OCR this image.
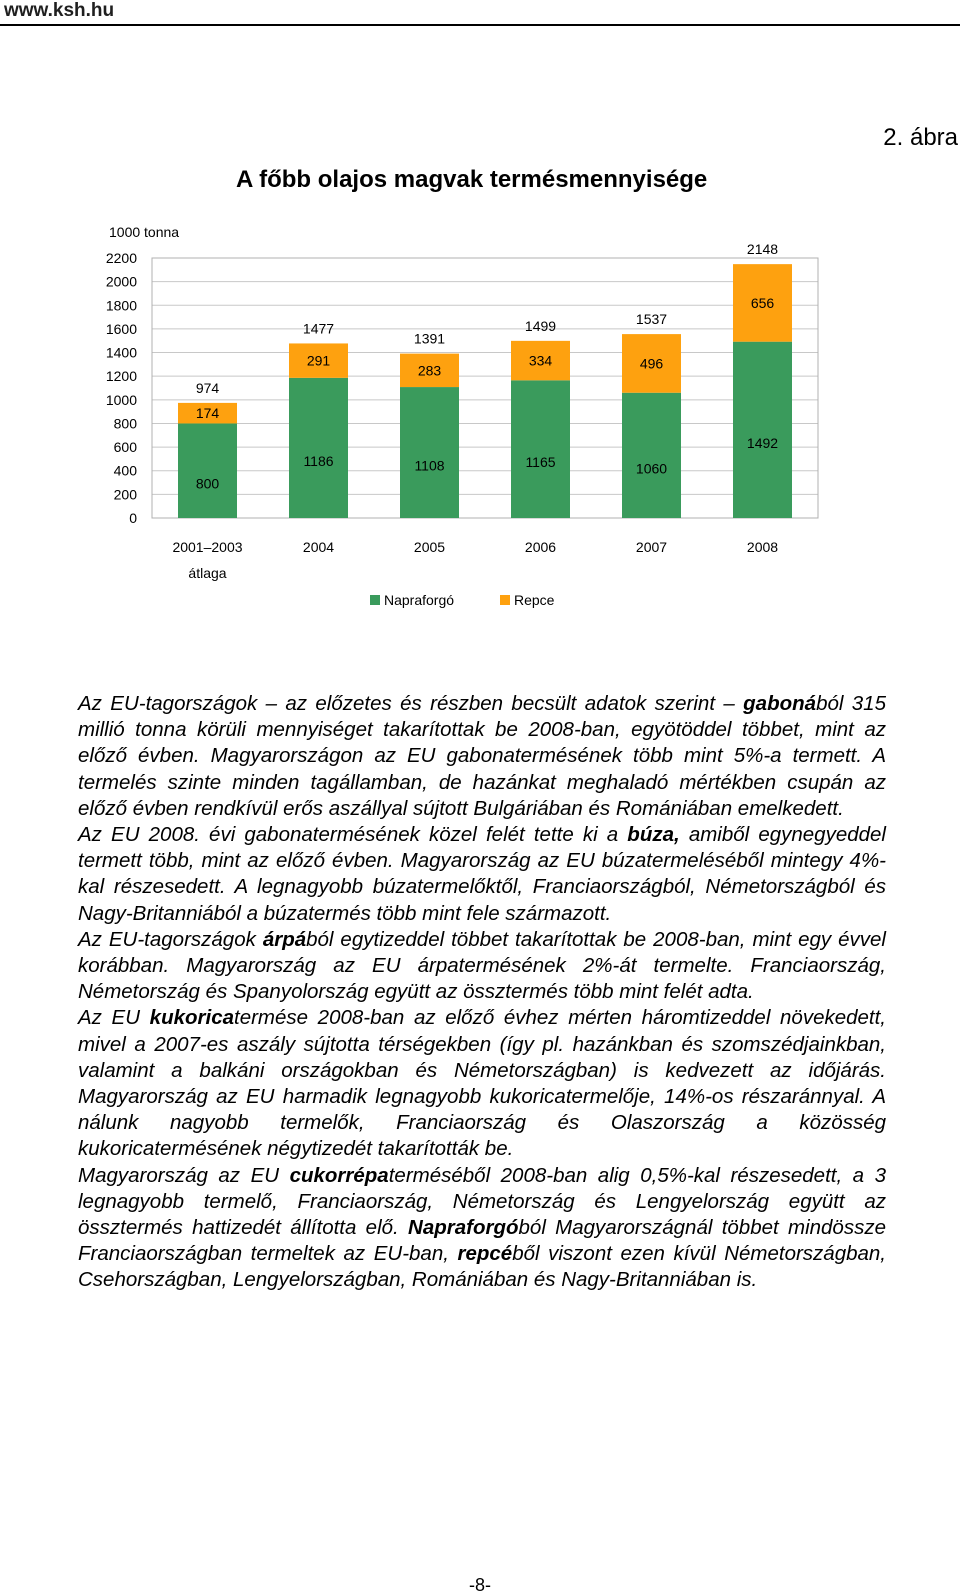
www.ksh.hu
2. ábra
A főbb olajos magvak termésmennyisége
0
200
400
600
800
1000
1200
1400
1600
1800
2000
2200
1000 tonna
800
174
974
2001–2003
átlaga
1186
291
1477
2004
1108
283
1391
2005
1165
334
1499
2006
1060
496
1537
2007
1492
656
2148
2008
Napraforgó	Repce

Az EU-tagországok – az előzetes és részben becsült adatok szerint – gabonából 315 millió tonna körüli mennyiséget takarítottak be 2008-ban, egyötöddel többet, mint az előző évben. Magyarországon az EU gabonatermésének több mint 5%-a termett. A termelés szinte minden tagállamban, de hazánkat meghaladó mértékben csupán az előző évben rendkívül erős aszállyal sújtott Bulgáriában és Romániában emelkedett.

Az EU 2008. évi gabonatermésének közel felét tette ki a búza, amiből egynegyeddel termett több, mint az előző évben. Magyarország az EU búzatermeléséből mintegy 4%-kal részesedett. A legnagyobb búzatermelőktől, Franciaországból, Németországból és Nagy-Britanniából a búzatermés több mint fele származott.

Az EU-tagországok árpából egytizeddel többet takarítottak be 2008-ban, mint egy évvel korábban. Magyarország az EU árpatermésének 2%-át termelte. Franciaország, Németország és Spanyolország együtt az össztermés több mint felét adta.

Az EU kukoricatermése 2008-ban az előző évhez mérten háromtizeddel növekedett, mivel a 2007-es aszály sújtotta térségekben (így pl. hazánkban és szomszédjainkban, valamint a balkáni országokban és Németországban) is kedvezett az időjárás. Magyarország az EU harmadik legnagyobb kukoricatermelője, 14%-os részaránnyal. A nálunk nagyobb termelők, Franciaország és Olaszország a közösség kukoricatermésének négytizedét takarították be.

Magyarország az EU cukorrépaterméséből 2008-ban alig 0,5%-kal részesedett, a 3 legnagyobb termelő, Franciaország, Németország és Lengyelország együtt az össztermés hattizedét állította elő. Napraforgóból Magyarországnál többet mindössze Franciaországban termeltek az EU-ban, repcéből viszont ezen kívül Németországban, Csehországban, Lengyelországban, Romániában és Nagy-Britanniában is.

-8-
